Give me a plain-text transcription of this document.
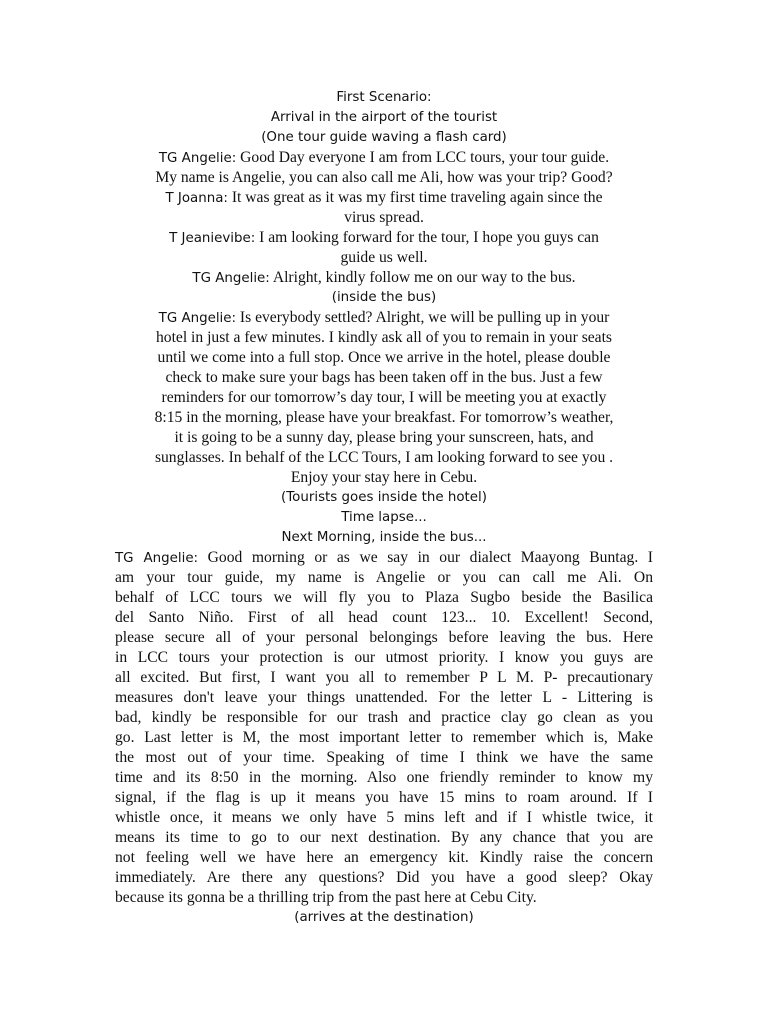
First Scenario:
Arrival in the airport of the tourist
(One tour guide waving a flash card)
TG Angelie: Good Day everyone I am from LCC tours, your tour guide.
My name is Angelie, you can also call me Ali, how was your trip? Good?
T Joanna: It was great as it was my first time traveling again since the
virus spread.
T Jeanievibe: I am looking forward for the tour, I hope you guys can
guide us well.
TG Angelie: Alright, kindly follow me on our way to the bus.
(inside the bus)
TG Angelie: Is everybody settled? Alright, we will be pulling up in your
hotel in just a few minutes. I kindly ask all of you to remain in your seats
until we come into a full stop. Once we arrive in the hotel, please double
check to make sure your bags has been taken off in the bus. Just a few
reminders for our tomorrow’s day tour, I will be meeting you at exactly
8:15 in the morning, please have your breakfast. For tomorrow’s weather,
it is going to be a sunny day, please bring your sunscreen, hats, and
sunglasses. In behalf of the LCC Tours, I am looking forward to see you .
Enjoy your stay here in Cebu.
(Tourists goes inside the hotel)
Time lapse...
Next Morning, inside the bus...
TG Angelie: Good morning or as we say in our dialect Maayong Buntag. I
am your tour guide, my name is Angelie or you can call me Ali. On
behalf of LCC tours we will fly you to Plaza Sugbo beside the Basilica
del Santo Niño. First of all head count 123... 10. Excellent! Second,
please secure all of your personal belongings before leaving the bus. Here
in LCC tours your protection is our utmost priority. I know you guys are
all excited. But first, I want you all to remember P L M. P- precautionary
measures don't leave your things unattended. For the letter L - Littering is
bad, kindly be responsible for our trash and practice clay go clean as you
go. Last letter is M, the most important letter to remember which is, Make
the most out of your time. Speaking of time I think we have the same
time and its 8:50 in the morning. Also one friendly reminder to know my
signal, if the flag is up it means you have 15 mins to roam around. If I
whistle once, it means we only have 5 mins left and if I whistle twice, it
means its time to go to our next destination. By any chance that you are
not feeling well we have here an emergency kit. Kindly raise the concern
immediately. Are there any questions? Did you have a good sleep? Okay
because its gonna be a thrilling trip from the past here at Cebu City.
(arrives at the destination)
